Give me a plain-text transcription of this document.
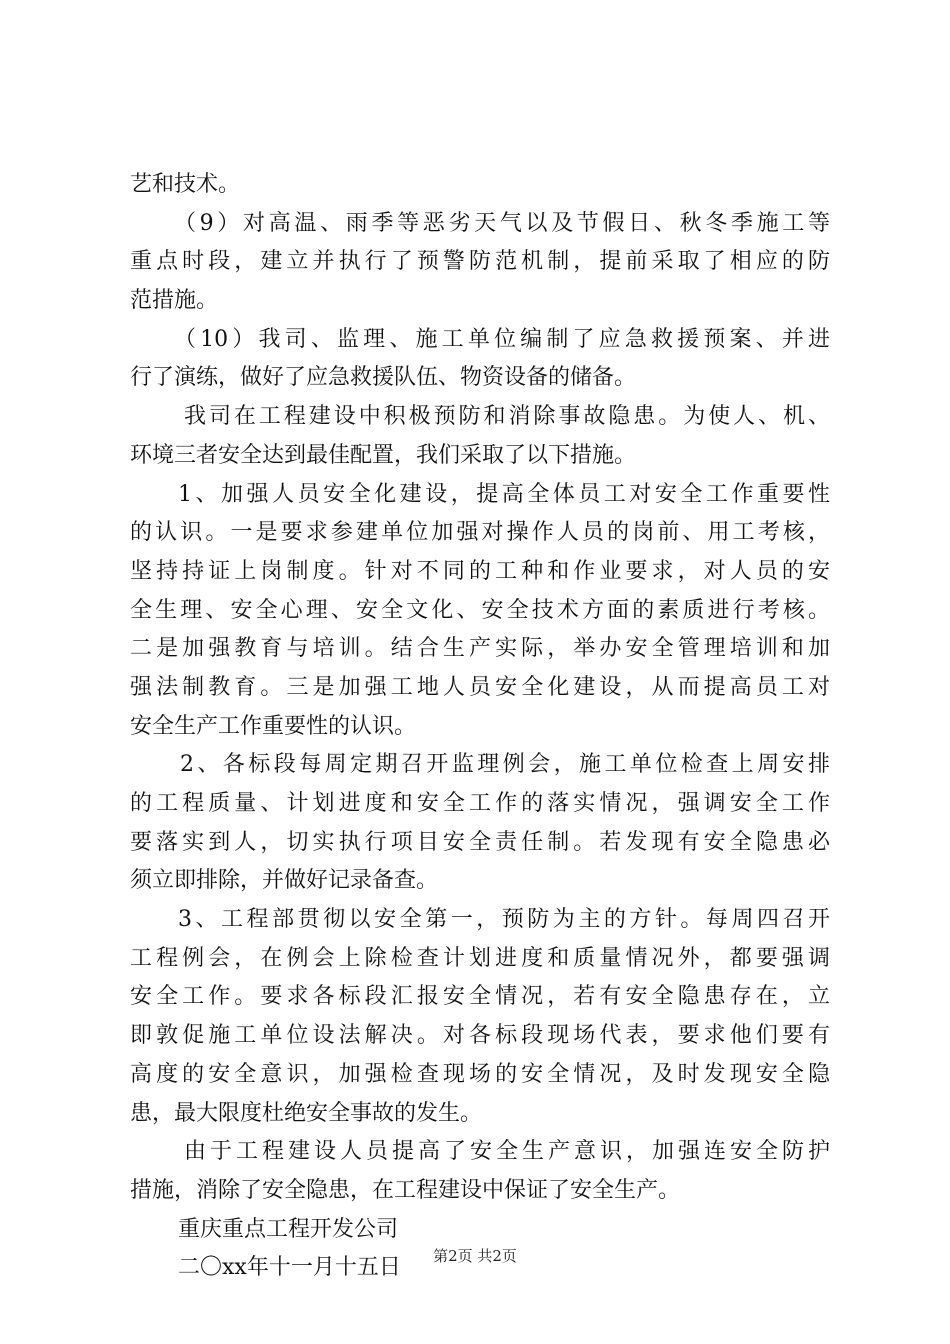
艺和技术。
（9）对高温、雨季等恶劣天气以及节假日、秋冬季施工等
重点时段，建立并执行了预警防范机制，提前采取了相应的防
范措施。
（10）我司、监理、施工单位编制了应急救援预案、并进
行了演练，做好了应急救援队伍、物资设备的储备。
我司在工程建设中积极预防和消除事故隐患。为使人、机、
环境三者安全达到最佳配置，我们采取了以下措施。
1、加强人员安全化建设，提高全体员工对安全工作重要性
的认识。一是要求参建单位加强对操作人员的岗前、用工考核，
坚持持证上岗制度。针对不同的工种和作业要求，对人员的安
全生理、安全心理、安全文化、安全技术方面的素质进行考核。
二是加强教育与培训。结合生产实际，举办安全管理培训和加
强法制教育。三是加强工地人员安全化建设，从而提高员工对
安全生产工作重要性的认识。
2、各标段每周定期召开监理例会，施工单位检查上周安排
的工程质量、计划进度和安全工作的落实情况，强调安全工作
要落实到人，切实执行项目安全责任制。若发现有安全隐患必
须立即排除，并做好记录备查。
3、工程部贯彻以安全第一，预防为主的方针。每周四召开
工程例会，在例会上除检查计划进度和质量情况外，都要强调
安全工作。要求各标段汇报安全情况，若有安全隐患存在，立
即敦促施工单位设法解决。对各标段现场代表，要求他们要有
高度的安全意识，加强检查现场的安全情况，及时发现安全隐
患，最大限度杜绝安全事故的发生。
由于工程建设人员提高了安全生产意识，加强连安全防护
措施，消除了安全隐患，在工程建设中保证了安全生产。
重庆重点工程开发公司
二〇xx年十一月十五日	第2页 共2页
